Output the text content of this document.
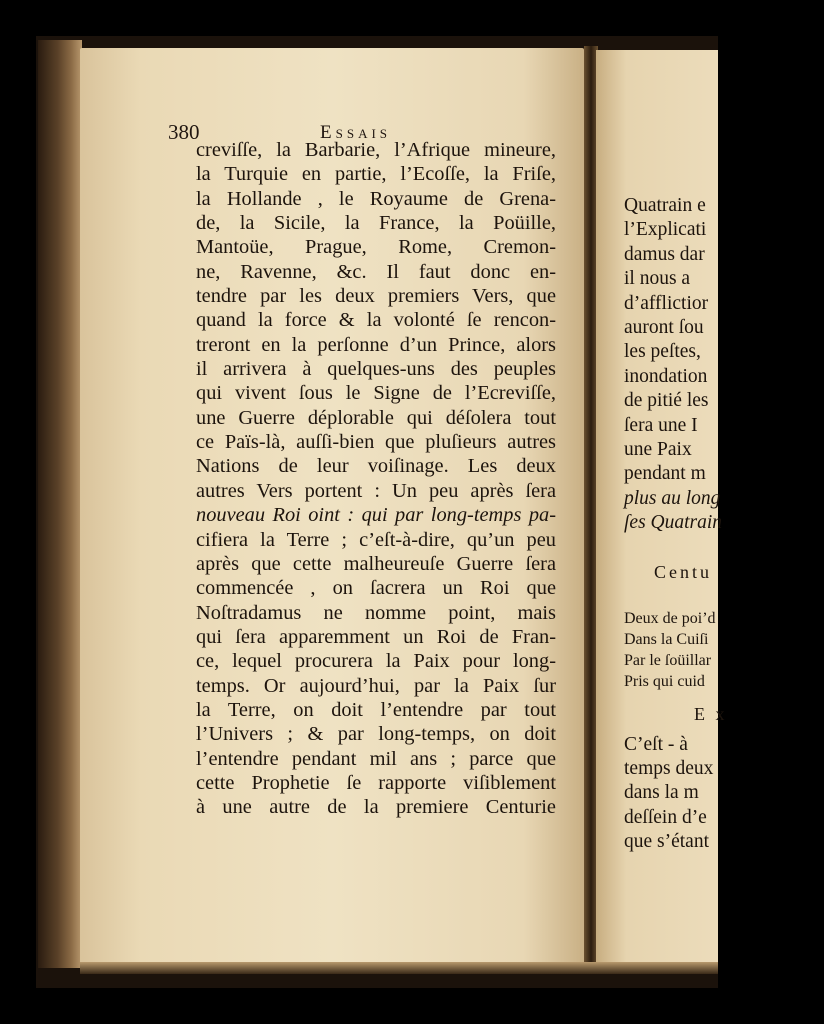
380	Essais
creviſſe, la Barbarie, l’Afrique mineure,
la Turquie en partie, l’Ecoſſe, la Friſe,
la Hollande , le Royaume de Grena-
de, la Sicile, la France, la Poüille,
Mantoüe, Prague, Rome, Cremon-
ne, Ravenne, &c. Il faut donc en-
tendre par les deux premiers Vers, que
quand la force & la volonté ſe rencon-
treront en la perſonne d’un Prince, alors
il arrivera à quelques-uns des peuples
qui vivent ſous le Signe de l’Ecreviſſe,
une Guerre déplorable qui déſolera tout
ce Païs-là, auſſi-bien que pluſieurs autres
Nations de leur voiſinage. Les deux
autres Vers portent : Un peu après ſera
nouveau Roi oint : qui par long-temps pa-
cifiera la Terre ; c’eſt-à-dire, qu’un peu
après que cette malheureuſe Guerre ſera
commencée , on ſacrera un Roi que
Noſtradamus ne nomme point, mais
qui ſera apparemment un Roi de Fran-
ce, lequel procurera la Paix pour long-
temps. Or aujourd’hui, par la Paix ſur
la Terre, on doit l’entendre par tout
l’Univers ; & par long-temps, on doit
l’entendre pendant mil ans ; parce que
cette Prophetie ſe rapporte viſiblement
à une autre de la premiere Centurie
Quatrain e
l’Explicati
damus dar
il nous a
d’afflictior
auront ſou
les peſtes,
inondation
de pitié les
ſera une I
une Paix
pendant m
plus au long
ſes Quatrain
Centu
Deux de poi’d
Dans la Cuiſi
Par le ſoüillar
Pris qui cuid
E x
C’eſt - à
temps deux
dans la m
deſſein d’e
que s’étant
